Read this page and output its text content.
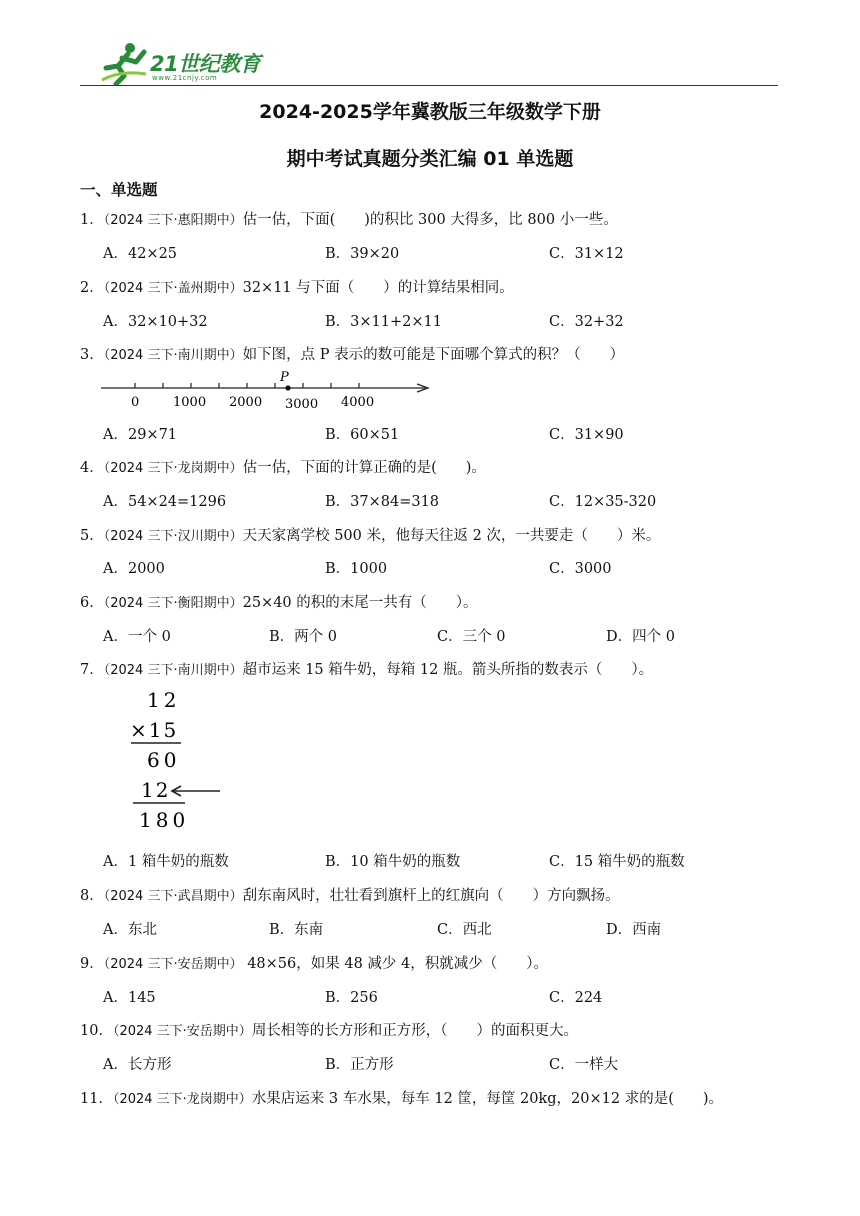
21世纪教育
www.21cnjy.com
2024-2025学年冀教版三年级数学下册
期中考试真题分类汇编 01 单选题
一、单选题
1．（2024 三下·惠阳期中）估一估，下面(　　)的积比 300 大得多，比 800 小一些。
A．42×25	B．39×20	C．31×12
2．（2024 三下·盖州期中）32×11 与下面（　　）的计算结果相同。
A．32×10+32	B．3×11+2×11	C．32+32
3．（2024 三下·南川期中）如下图，点 P 表示的数可能是下面哪个算式的积？（　　）
P
0	1000 2000 3000 4000
A．29×71	B．60×51	C．31×90
4．（2024 三下·龙岗期中）估一估，下面的计算正确的是(　　)。
A．54×24=1296	B．37×84=318	C．12×35-320
5．（2024 三下·汉川期中）天天家离学校 500 米，他每天往返 2 次，一共要走（　　）米。
A．2000	B．1000	C．3000
6．（2024 三下·衡阳期中）25×40 的积的末尾一共有（　　）。
A．一个 0	B．两个 0	C．三个 0	D．四个 0
7．（2024 三下·南川期中）超市运来 15 箱牛奶，每箱 12 瓶。箭头所指的数表示（　　）。
12
×15
60
12
180
A．1 箱牛奶的瓶数	B．10 箱牛奶的瓶数	C．15 箱牛奶的瓶数
8．（2024 三下·武昌期中）刮东南风时，壮壮看到旗杆上的红旗向（　　）方向飘扬。
A．东北	B．东南	C．西北	D．西南
9．（2024 三下·安岳期中） 48×56，如果 48 减少 4，积就减少（　　）。
A．145	B．256	C．224
10．（2024 三下·安岳期中）周长相等的长方形和正方形，（　　）的面积更大。
A．长方形	B．正方形	C．一样大
11．（2024 三下·龙岗期中）水果店运来 3 车水果，每车 12 筐，每筐 20kg，20×12 求的是(　　)。
